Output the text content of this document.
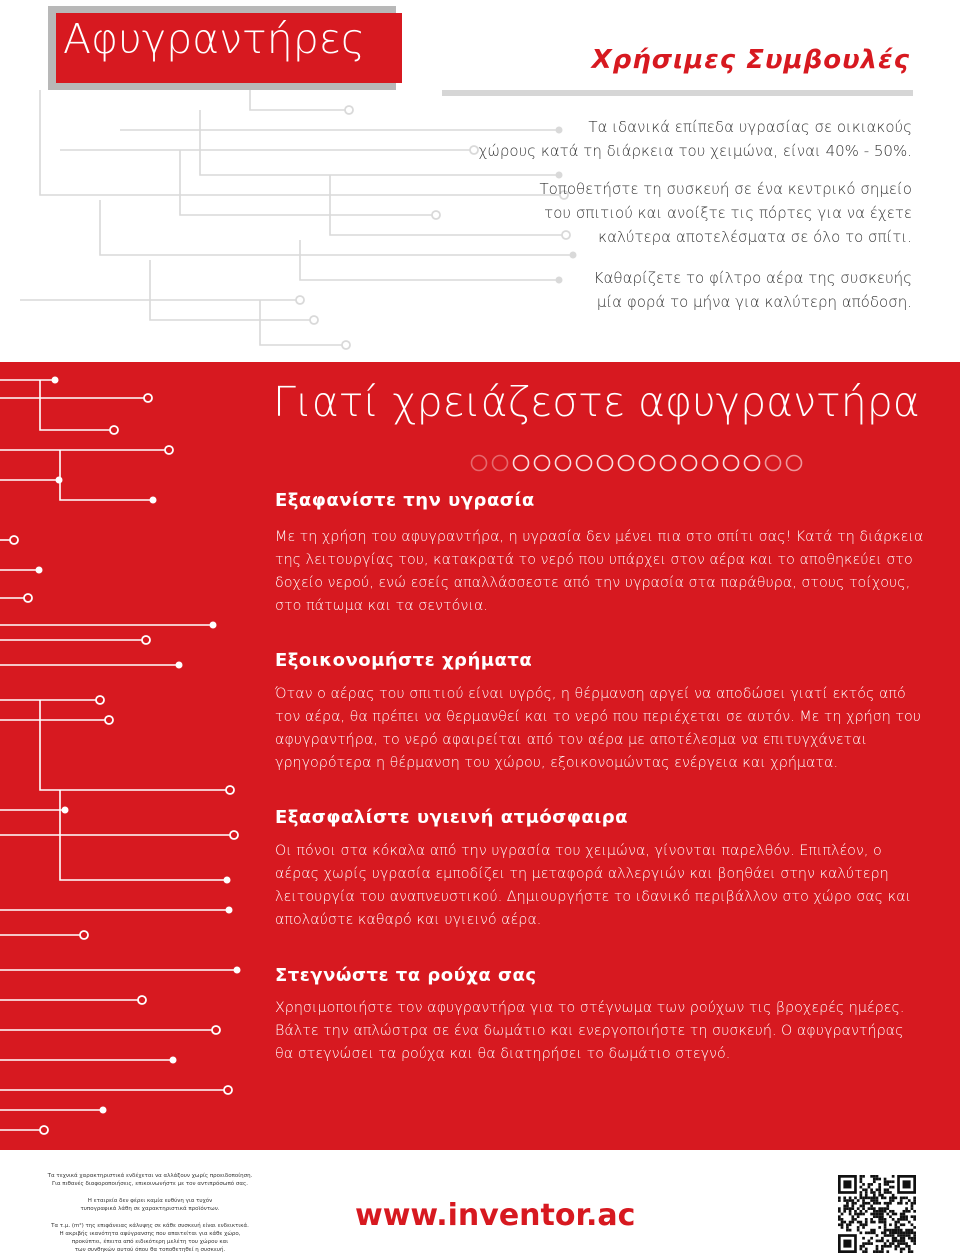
Αφυγραντήρες	Χρήσιμες Συμβουλές
Τα ιδανικά επίπεδα υγρασίας σε οικιακούς
χώρους κατά τη διάρκεια του χειμώνα, είναι 40% - 50%.
Τοποθετήστε τη συσκευή σε ένα κεντρικό σημείο
του σπιτιού και ανοίξτε τις πόρτες για να έχετε
καλύτερα αποτελέσματα σε όλο το σπίτι.
Καθαρίζετε το φίλτρο αέρα της συσκευής
μία φορά το μήνα για καλύτερη απόδοση.
Γιατί χρειάζεστε αφυγραντήρα
Εξαφανίστε την υγρασία
Με τη χρήση του αφυγραντήρα, η υγρασία δεν μένει πια στο σπίτι σας! Κατά τη διάρκεια της λειτουργίας του, κατακρατά το νερό που υπάρχει στον αέρα και το αποθηκεύει στο δοχείο νερού, ενώ εσείς απαλλάσσεστε από την υγρασία στα παράθυρα, στους τοίχους, στο πάτωμα και τα σεντόνια.
Εξοικονομήστε χρήματα
Όταν ο αέρας του σπιτιού είναι υγρός, η θέρμανση αργεί να αποδώσει γιατί εκτός από τον αέρα, θα πρέπει να θερμανθεί και το νερό που περιέχεται σε αυτόν. Με τη χρήση του αφυγραντήρα, το νερό αφαιρείται από τον αέρα με αποτέλεσμα να επιτυγχάνεται γρηγορότερα η θέρμανση του χώρου, εξοικονομώντας ενέργεια και χρήματα.
Εξασφαλίστε υγιεινή ατμόσφαιρα
Οι πόνοι στα κόκαλα από την υγρασία του χειμώνα, γίνονται παρελθόν. Επιπλέον, ο αέρας χωρίς υγρασία εμποδίζει τη μεταφορά αλλεργιών και βοηθάει στην καλύτερη λειτουργία του αναπνευστικού. Δημιουργήστε το ιδανικό περιβάλλον στο χώρο σας και απολαύστε καθαρό και υγιεινό αέρα.
Στεγνώστε τα ρούχα σας
Χρησιμοποιήστε τον αφυγραντήρα για το στέγνωμα των ρούχων τις βροχερές ημέρες. Βάλτε την απλώστρα σε ένα δωμάτιο και ενεργοποιήστε τη συσκευή. Ο αφυγραντήρας θα στεγνώσει τα ρούχα και θα διατηρήσει το δωμάτιο στεγνό.
Τα τεχνικά χαρακτηριστικά ενδέχεται να αλλάξουν χωρίς προειδοποίηση.
Για πιθανές διαφοροποιήσεις, επικοινωνήστε με τον αντιπρόσωπό σας.
Η εταιρεία δεν φέρει καμία ευθύνη για τυχόν
τυπογραφικά λάθη σε χαρακτηριστικά προϊόντων.
Τα τ.μ. (m²) της επιφάνειας κάλυψης σε κάθε συσκευή είναι ενδεικτικά.
Η ακριβής ικανότητα αφύγρανσης που απαιτείται για κάθε χώρο,
προκύπτει, έπειτα από ειδικότερη μελέτη του χώρου και
των συνθηκών αυτού όπου θα τοποθετηθεί η συσκευή.
www.inventor.ac
